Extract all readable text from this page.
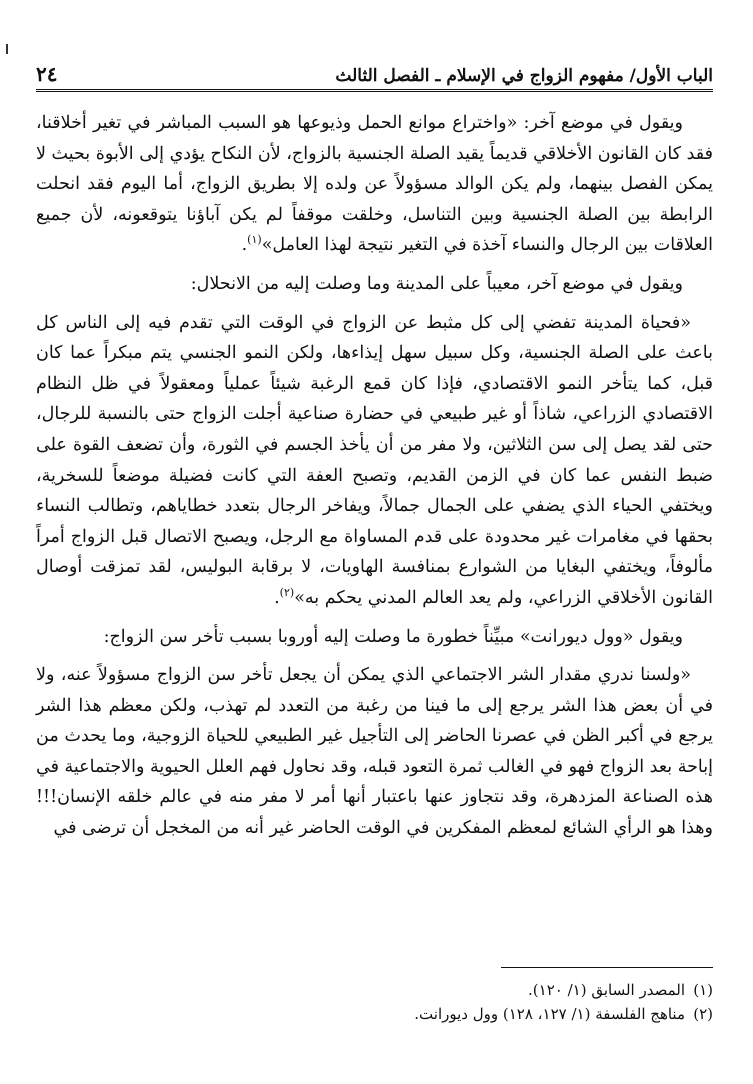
الباب الأول/ مفهوم الزواج في الإسلام ـ الفصل الثالث
٢٤

ويقول في موضع آخر: «واختراع موانع الحمل وذيوعها هو السبب المباشر في تغير أخلاقنا، فقد كان القانون الأخلاقي قديماً يقيد الصلة الجنسية بالزواج، لأن النكاح يؤدي إلى الأبوة بحيث لا يمكن الفصل بينهما، ولم يكن الوالد مسؤولاً عن ولده إلا بطريق الزواج، أما اليوم فقد انحلت الرابطة بين الصلة الجنسية وبين التناسل، وخلقت موقفاً لم يكن آباؤنا يتوقعونه، لأن جميع العلاقات بين الرجال والنساء آخذة في التغير نتيجة لهذا العامل»$^{(١)}$.

ويقول في موضع آخر، معيباً على المدينة وما وصلت إليه من الانحلال:

«فحياة المدينة تفضي إلى كل مثبط عن الزواج في الوقت التي تقدم فيه إلى الناس كل باعث على الصلة الجنسية، وكل سبيل سهل إيذاءها، ولكن النمو الجنسي يتم مبكراً عما كان قبل، كما يتأخر النمو الاقتصادي، فإذا كان قمع الرغبة شيئاً عملياً ومعقولاً في ظل النظام الاقتصادي الزراعي، شاذاً أو غير طبيعي في حضارة صناعية أجلت الزواج حتى بالنسبة للرجال، حتى لقد يصل إلى سن الثلاثين، ولا مفر من أن يأخذ الجسم في الثورة، وأن تضعف القوة على ضبط النفس عما كان في الزمن القديم، وتصبح العفة التي كانت فضيلة موضعاً للسخرية، ويختفي الحياء الذي يضفي على الجمال جمالاً، ويفاخر الرجال بتعدد خطاياهم، وتطالب النساء بحقها في مغامرات غير محدودة على قدم المساواة مع الرجل، ويصبح الاتصال قبل الزواج أمراً مألوفاً، ويختفي البغايا من الشوارع بمنافسة الهاويات، لا برقابة البوليس، لقد تمزقت أوصال القانون الأخلاقي الزراعي، ولم يعد العالم المدني يحكم به»$^{(٢)}$.

ويقول «وول ديورانت» مبيِّناً خطورة ما وصلت إليه أوروبا بسبب تأخر سن الزواج:

«ولسنا ندري مقدار الشر الاجتماعي الذي يمكن أن يجعل تأخر سن الزواج مسؤولاً عنه، ولا في أن بعض هذا الشر يرجع إلى ما فينا من رغبة من التعدد لم تهذب، ولكن معظم هذا الشر يرجع في أكبر الظن في عصرنا الحاضر إلى التأجيل غير الطبيعي للحياة الزوجية، وما يحدث من إباحة بعد الزواج فهو في الغالب ثمرة التعود قبله، وقد نحاول فهم العلل الحيوية والاجتماعية في هذه الصناعة المزدهرة، وقد نتجاوز عنها باعتبار أنها أمر لا مفر منه في عالم خلقه الإنسان!!! وهذا هو الرأي الشائع لمعظم المفكرين في الوقت الحاضر غير أنه من المخجل أن ترضى في

(١)
المصدر السابق (١/ ١٢٠).
(٢)
مناهج الفلسفة (١/ ١٢٧، ١٢٨) وول ديورانت.
